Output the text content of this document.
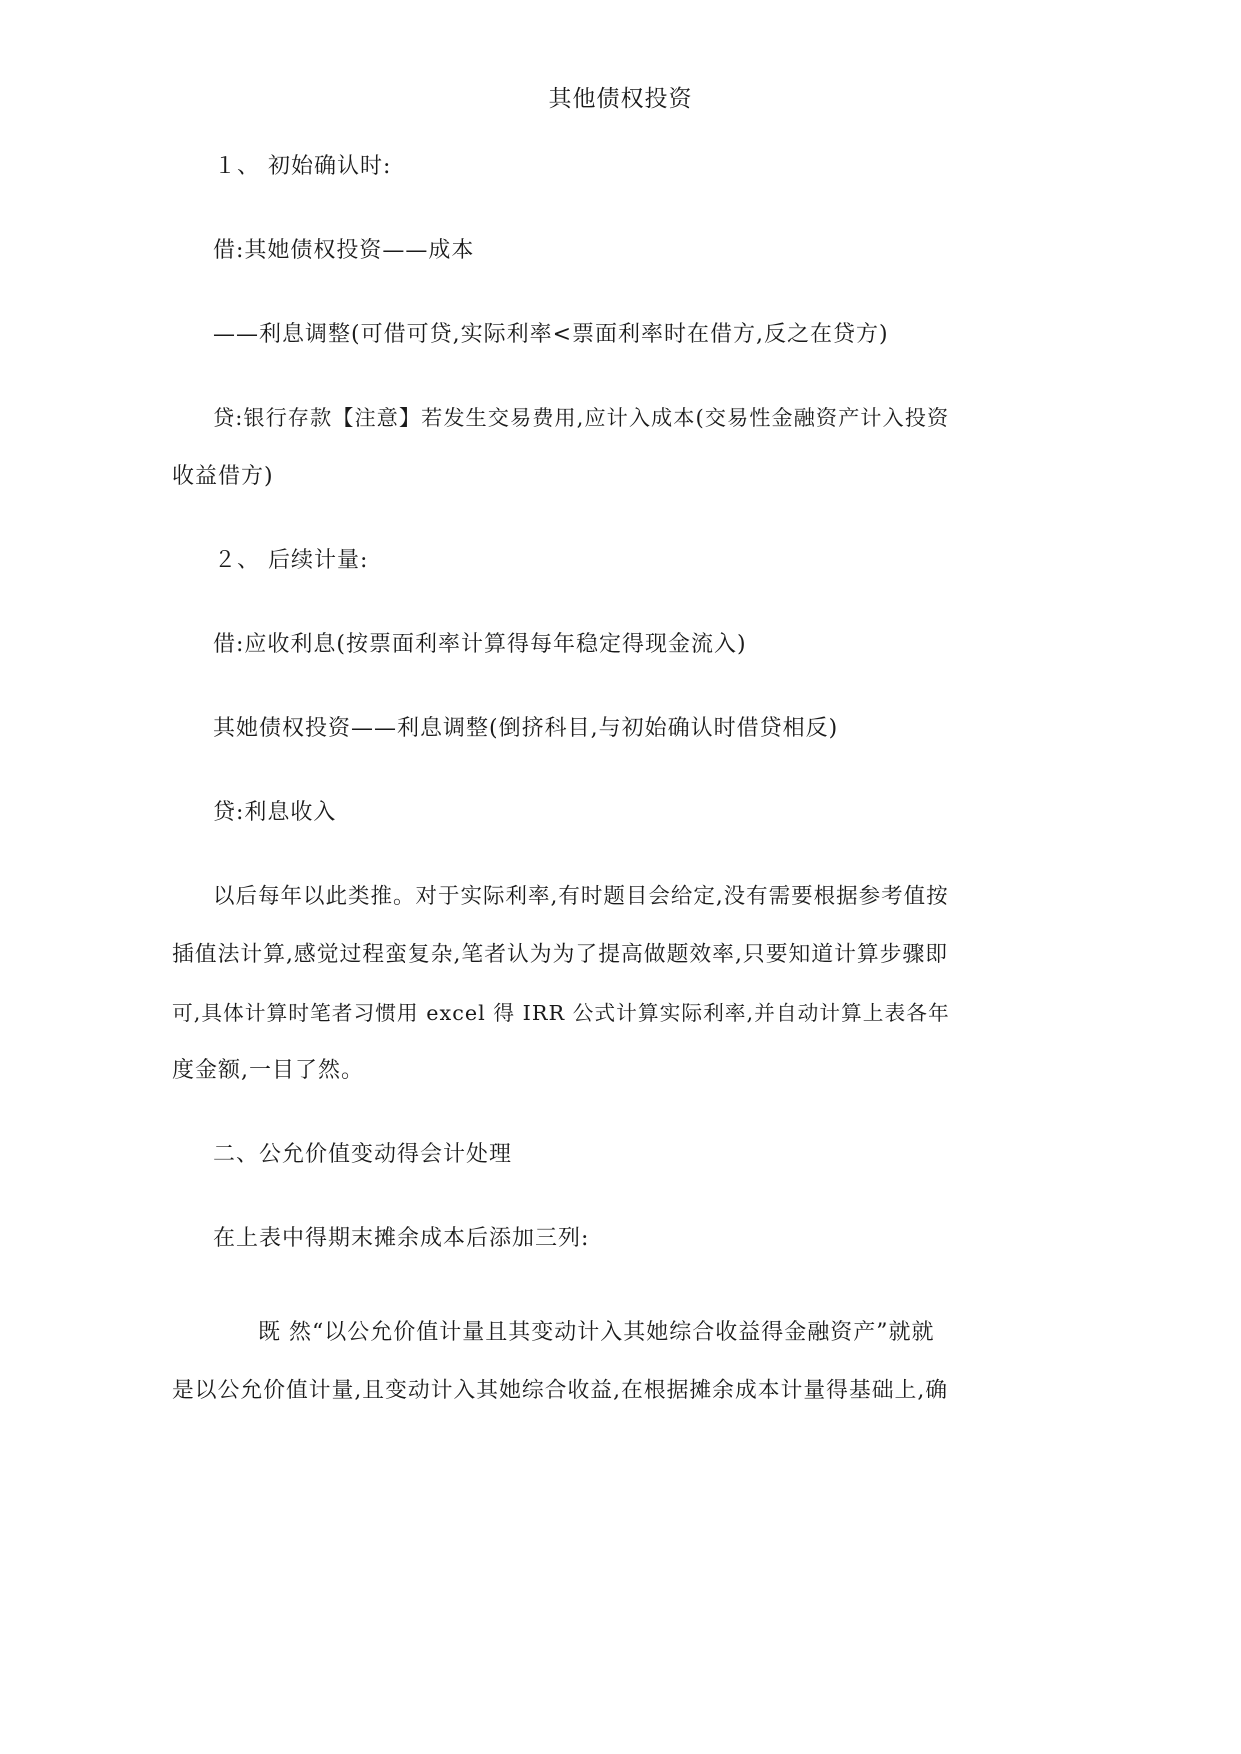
其他债权投资
１、 初始确认时:
借:其她债权投资——成本
——利息调整(可借可贷,实际利率<票面利率时在借方,反之在贷方)
贷:银行存款【注意】若发生交易费用,应计入成本(交易性金融资产计入投资
收益借方)
２、 后续计量:
借:应收利息(按票面利率计算得每年稳定得现金流入)
其她债权投资——利息调整(倒挤科目,与初始确认时借贷相反)
贷:利息收入
以后每年以此类推。对于实际利率,有时题目会给定,没有需要根据参考值按
插值法计算,感觉过程蛮复杂,笔者认为为了提高做题效率,只要知道计算步骤即
可,具体计算时笔者习惯用 excel 得 IRR 公式计算实际利率,并自动计算上表各年
度金额,一目了然。
二、公允价值变动得会计处理
在上表中得期末摊余成本后添加三列:
既 然“以公允价值计量且其变动计入其她综合收益得金融资产”就就
是以公允价值计量,且变动计入其她综合收益,在根据摊余成本计量得基础上,确
